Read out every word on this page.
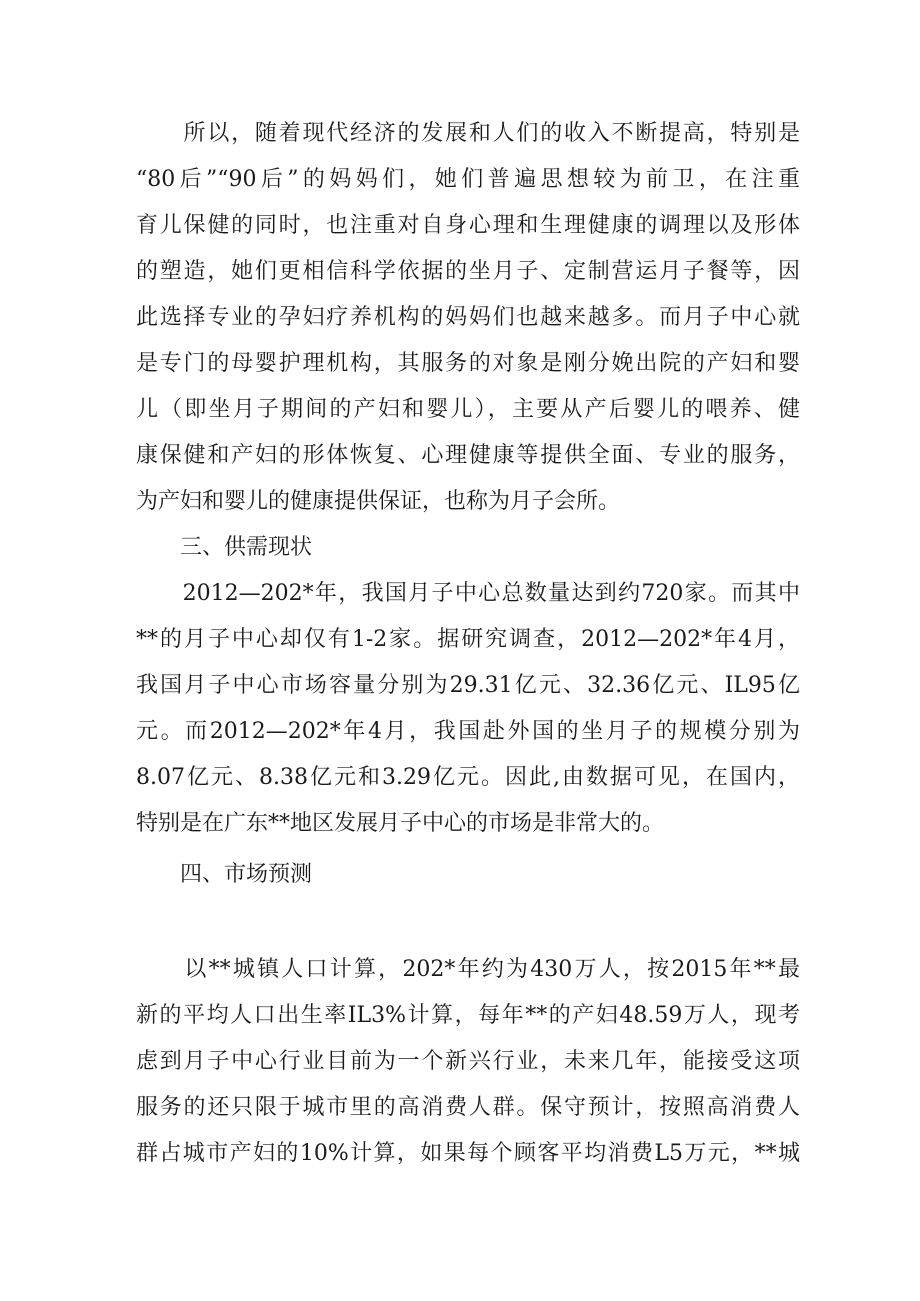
　　所以，随着现代经济的发展和人们的收入不断提高，特别是
“80后”“90后”的妈妈们，她们普遍思想较为前卫，在注重
育儿保健的同时，也注重对自身心理和生理健康的调理以及形体
的塑造，她们更相信科学依据的坐月子、定制营运月子餐等，因
此选择专业的孕妇疗养机构的妈妈们也越来越多。而月子中心就
是专门的母婴护理机构，其服务的对象是刚分娩出院的产妇和婴
儿（即坐月子期间的产妇和婴儿），主要从产后婴儿的喂养、健
康保健和产妇的形体恢复、心理健康等提供全面、专业的服务，
为产妇和婴儿的健康提供保证，也称为月子会所。
　　三、供需现状
　　2012—202*年，我国月子中心总数量达到约720家。而其中
**的月子中心却仅有1-2家。据研究调查，2012—202*年4月，
我国月子中心市场容量分别为29.31亿元、32.36亿元、IL95亿
元。而2012—202*年4月，我国赴外国的坐月子的规模分别为
8.07亿元、8.38亿元和3.29亿元。因此,由数据可见，在国内，
特别是在广东**地区发展月子中心的市场是非常大的。
　　四、市场预测
　　以**城镇人口计算，202*年约为430万人，按2015年**最
新的平均人口出生率IL3%计算，每年**的产妇48.59万人，现考
虑到月子中心行业目前为一个新兴行业，未来几年，能接受这项
服务的还只限于城市里的高消费人群。保守预计，按照高消费人
群占城市产妇的10%计算，如果每个顾客平均消费L5万元，**城
